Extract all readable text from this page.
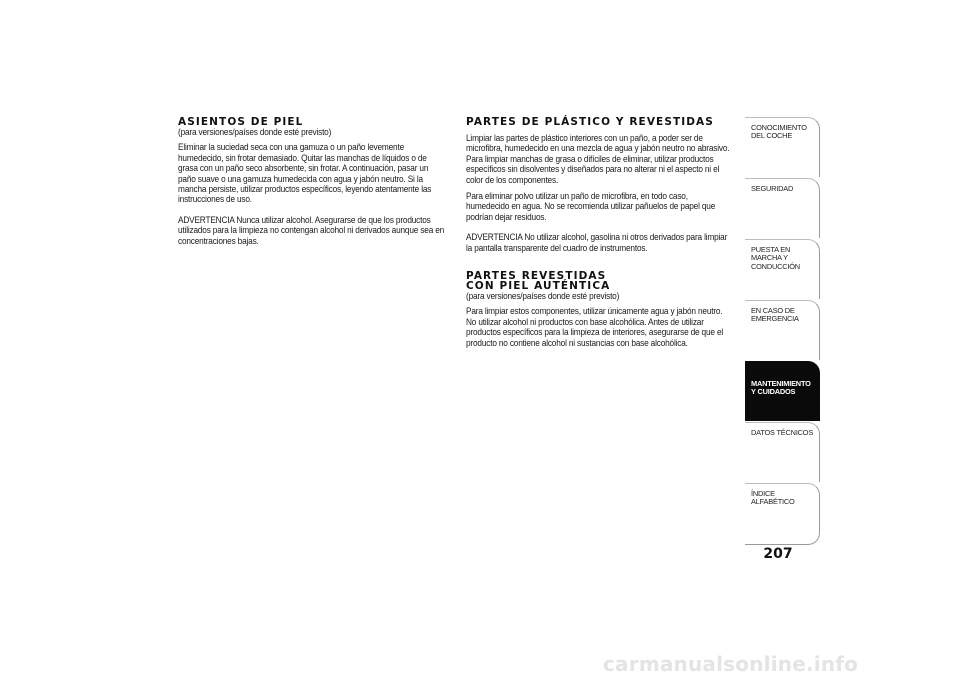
ASIENTOS DE PIEL

(para versiones/países donde esté previsto)

Eliminar la suciedad seca con una gamuza o un paño levemente humedecido, sin frotar demasiado. Quitar las manchas de líquidos o de grasa con un paño seco absorbente, sin frotar. A continuación, pasar un paño suave o una gamuza humedecida con agua y jabón neutro. Si la mancha persiste, utilizar productos específicos, leyendo atentamente las instrucciones de uso.

ADVERTENCIA Nunca utilizar alcohol. Asegurarse de que los productos utilizados para la limpieza no contengan alcohol ni derivados aunque sea en concentraciones bajas.

PARTES DE PLÁSTICO Y REVESTIDAS

Limpiar las partes de plástico interiores con un paño, a poder ser de microfibra, humedecido en una mezcla de agua y jabón neutro no abrasivo. Para limpiar manchas de grasa o difíciles de eliminar, utilizar productos específicos sin disolventes y diseñados para no alterar ni el aspecto ni el color de los componentes.

Para eliminar polvo utilizar un paño de microfibra, en todo caso, humedecido en agua. No se recomienda utilizar pañuelos de papel que podrían dejar residuos.

ADVERTENCIA No utilizar alcohol, gasolina ni otros derivados para limpiar la pantalla transparente del cuadro de instrumentos.

PARTES REVESTIDAS
CON PIEL AUTÉNTICA

(para versiones/países donde esté previsto)

Para limpiar estos componentes, utilizar únicamente agua y jabón neutro. No utilizar alcohol ni productos con base alcohólica. Antes de utilizar productos específicos para la limpieza de interiores, asegurarse de que el producto no contiene alcohol ni sustancias con base alcohólica.

CONOCIMIENTO DEL COCHE
SEGURIDAD
PUESTA EN MARCHA Y CONDUCCIÓN
EN CASO DE EMERGENCIA
MANTENIMIENTO Y CUIDADOS
DATOS TÉCNICOS
ÍNDICE ALFABÉTICO
207
carmanualsonline.info
